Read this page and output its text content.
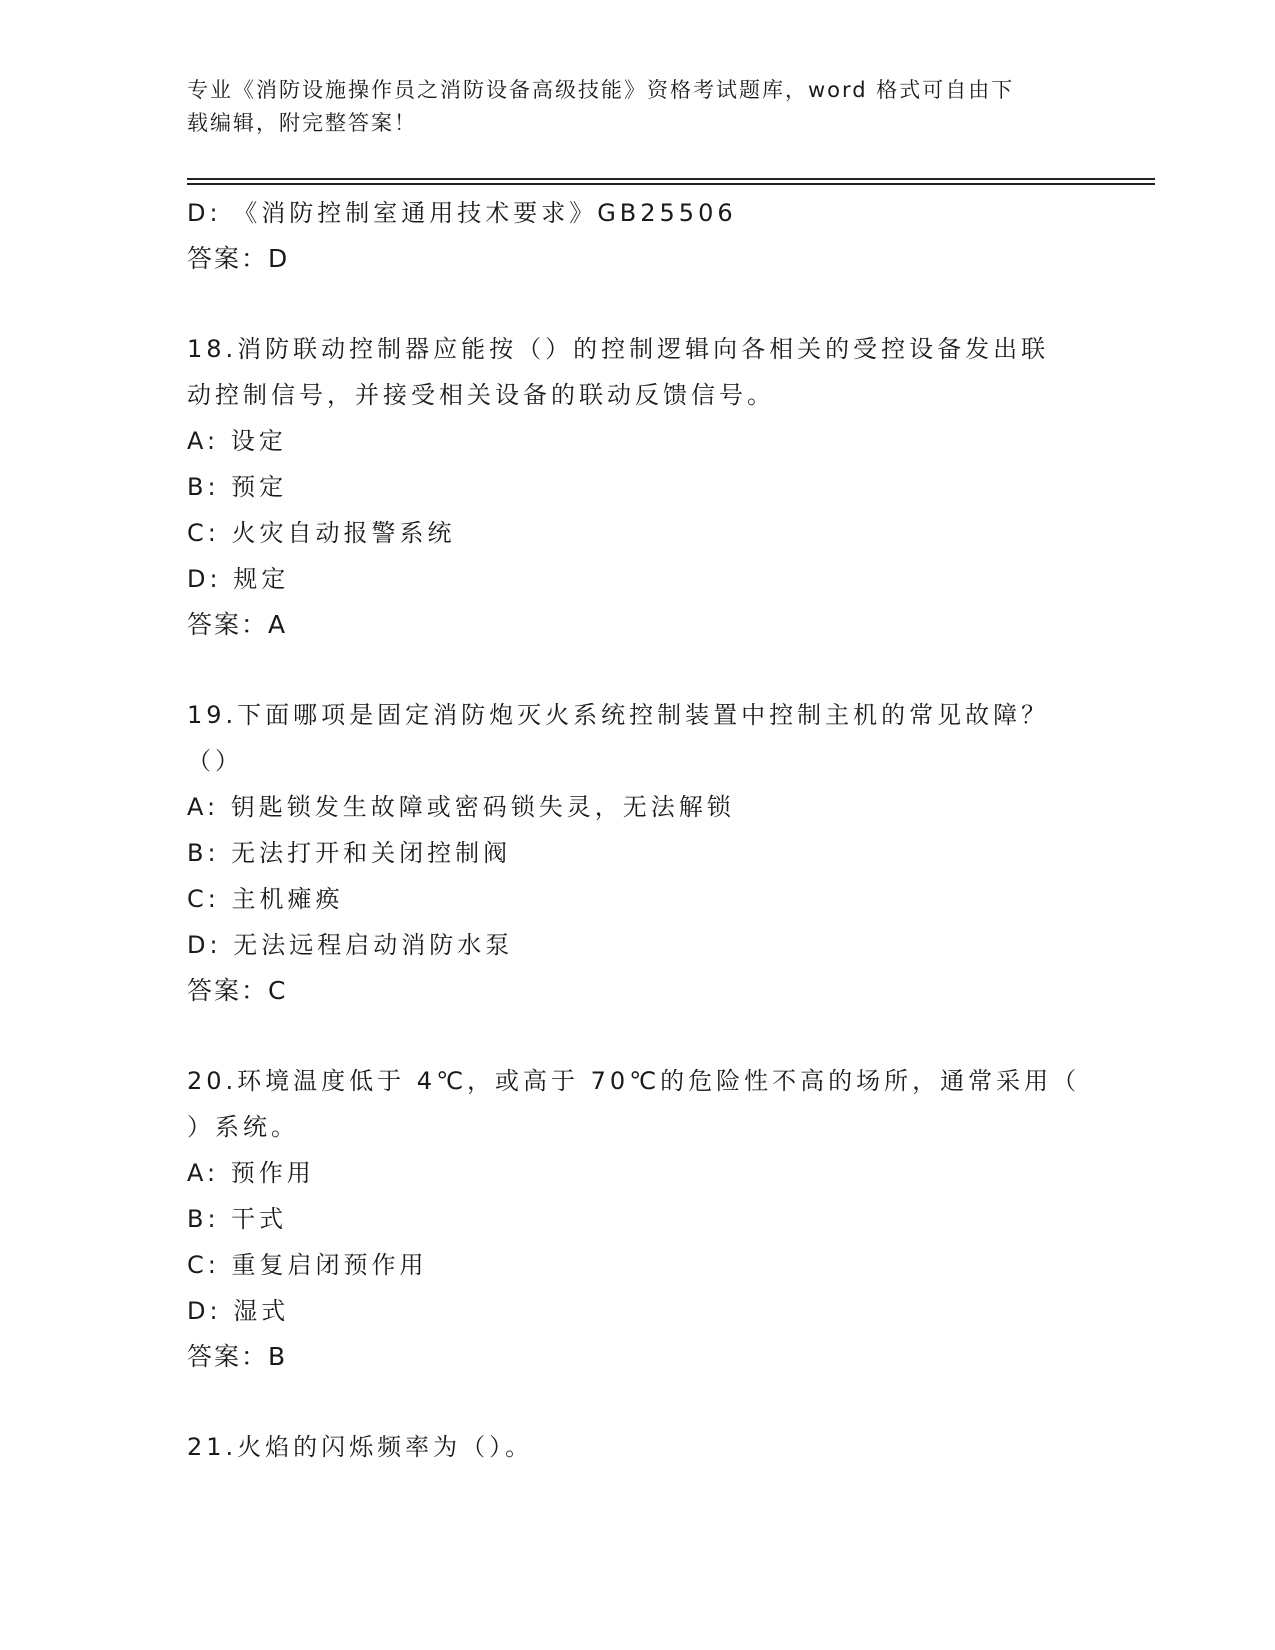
专业《消防设施操作员之消防设备高级技能》资格考试题库，word 格式可自由下
载编辑，附完整答案！
D: 《消防控制室通用技术要求》GB25506
答案：D
18.消防联动控制器应能按（）的控制逻辑向各相关的受控设备发出联
动控制信号，并接受相关设备的联动反馈信号。
A: 设定
B: 预定
C: 火灾自动报警系统
D: 规定
答案：A
19.下面哪项是固定消防炮灭火系统控制装置中控制主机的常见故障？
（）
A: 钥匙锁发生故障或密码锁失灵，无法解锁
B: 无法打开和关闭控制阀
C: 主机瘫痪
D: 无法远程启动消防水泵
答案：C
20.环境温度低于 4℃，或高于 70℃的危险性不高的场所，通常采用（
）系统。
A: 预作用
B: 干式
C: 重复启闭预作用
D: 湿式
答案：B
21.火焰的闪烁频率为（）。
